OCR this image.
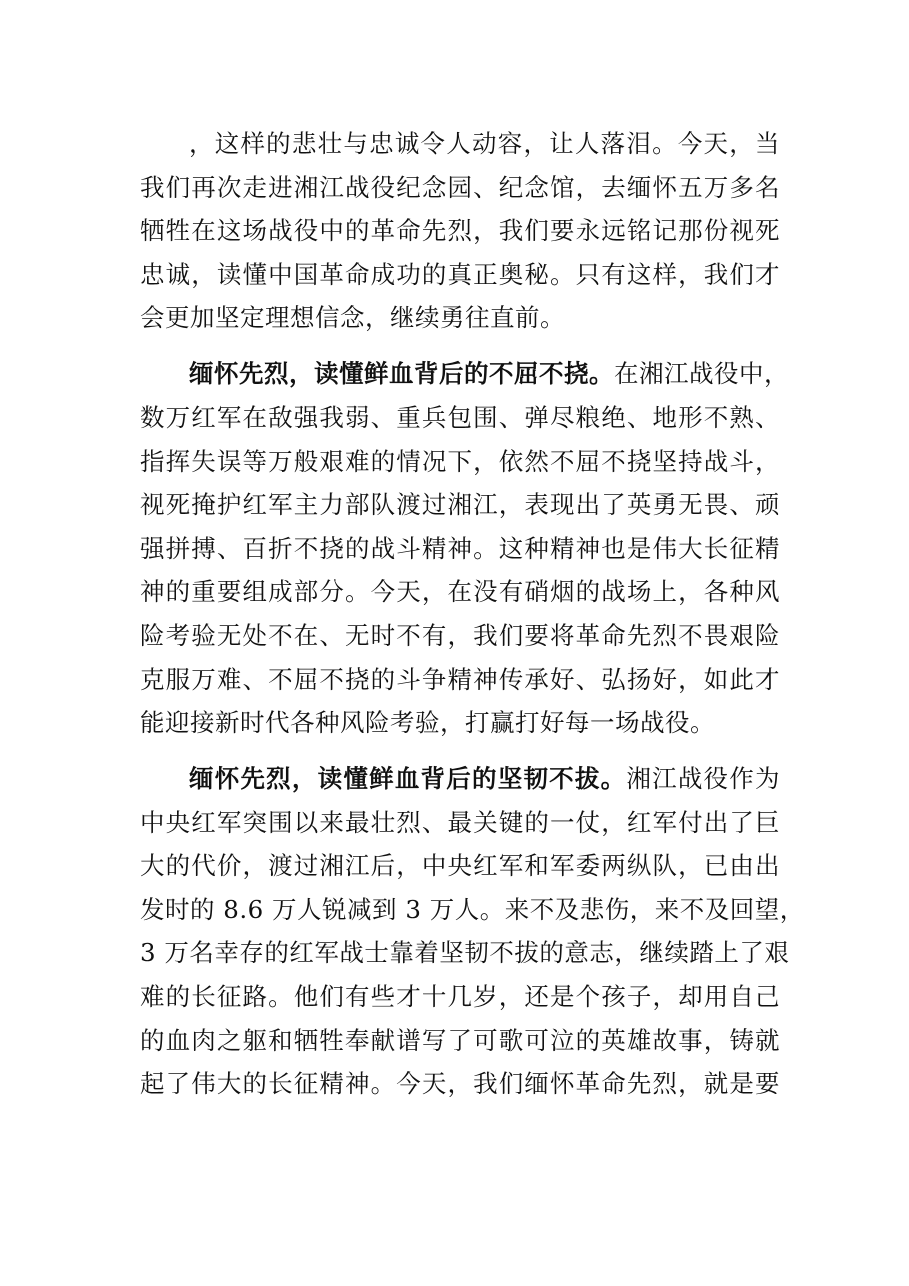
，这样的悲壮与忠诚令人动容，让人落泪。今天，当
我们再次走进湘江战役纪念园、纪念馆，去缅怀五万多名
牺牲在这场战役中的革命先烈，我们要永远铭记那份视死
忠诚，读懂中国革命成功的真正奥秘。只有这样，我们才
会更加坚定理想信念，继续勇往直前。
缅怀先烈，读懂鲜血背后的不屈不挠。在湘江战役中，
数万红军在敌强我弱、重兵包围、弹尽粮绝、地形不熟、
指挥失误等万般艰难的情况下，依然不屈不挠坚持战斗，
视死掩护红军主力部队渡过湘江，表现出了英勇无畏、顽
强拼搏、百折不挠的战斗精神。这种精神也是伟大长征精
神的重要组成部分。今天，在没有硝烟的战场上，各种风
险考验无处不在、无时不有，我们要将革命先烈不畏艰险
克服万难、不屈不挠的斗争精神传承好、弘扬好，如此才
能迎接新时代各种风险考验，打赢打好每一场战役。
缅怀先烈，读懂鲜血背后的坚韧不拔。湘江战役作为
中央红军突围以来最壮烈、最关键的一仗，红军付出了巨
大的代价，渡过湘江后，中央红军和军委两纵队，已由出
发时的 8.6 万人锐减到 3 万人。来不及悲伤，来不及回望，
3 万名幸存的红军战士靠着坚韧不拔的意志，继续踏上了艰
难的长征路。他们有些才十几岁，还是个孩子，却用自己
的血肉之躯和牺牲奉献谱写了可歌可泣的英雄故事，铸就
起了伟大的长征精神。今天，我们缅怀革命先烈，就是要
